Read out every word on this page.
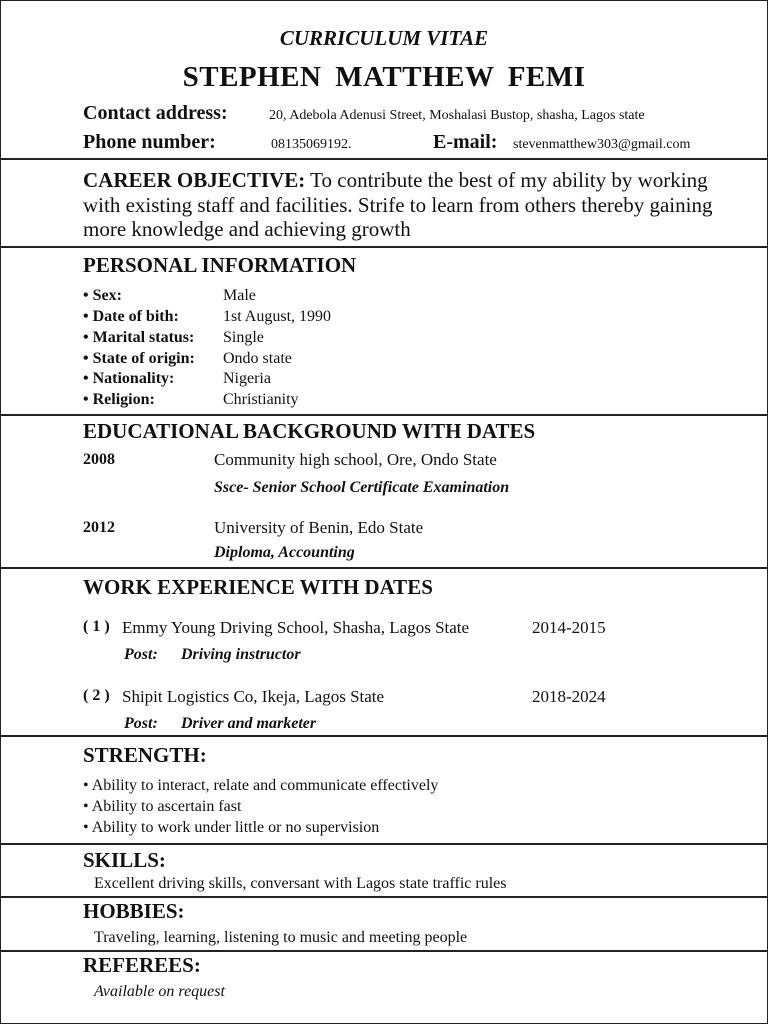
CURRICULUM VITAE
STEPHEN MATTHEW FEMI
Contact address:	20, Adebola Adenusi Street, Moshalasi Bustop, shasha, Lagos state
Phone number:	08135069192.	E-mail: stevenmatthew303@gmail.com
CAREER OBJECTIVE: To contribute the best of my ability by working with existing staff and facilities. Strife to learn from others thereby gaining more knowledge and achieving growth
PERSONAL INFORMATION
• Sex:	Male
• Date of bith:	1st August, 1990
• Marital status: Single
• State of origin: Ondo state
• Nationality:	Nigeria
• Religion:	Christianity
EDUCATIONAL BACKGROUND WITH DATES
2008	Community high school, Ore, Ondo State
Ssce- Senior School Certificate Examination
2012	University of Benin, Edo State
Diploma, Accounting
WORK EXPERIENCE WITH DATES
( 1 ) Emmy Young Driving School, Shasha, Lagos State	2014-2015
Post: Driving instructor
( 2 ) Shipit Logistics Co, Ikeja, Lagos State	2018-2024
Post: Driver and marketer
STRENGTH:
• Ability to interact, relate and communicate effectively
• Ability to ascertain fast
• Ability to work under little or no supervision
SKILLS:
Excellent driving skills, conversant with Lagos state traffic rules
HOBBIES:
Traveling, learning, listening to music and meeting people
REFEREES:
Available on request
